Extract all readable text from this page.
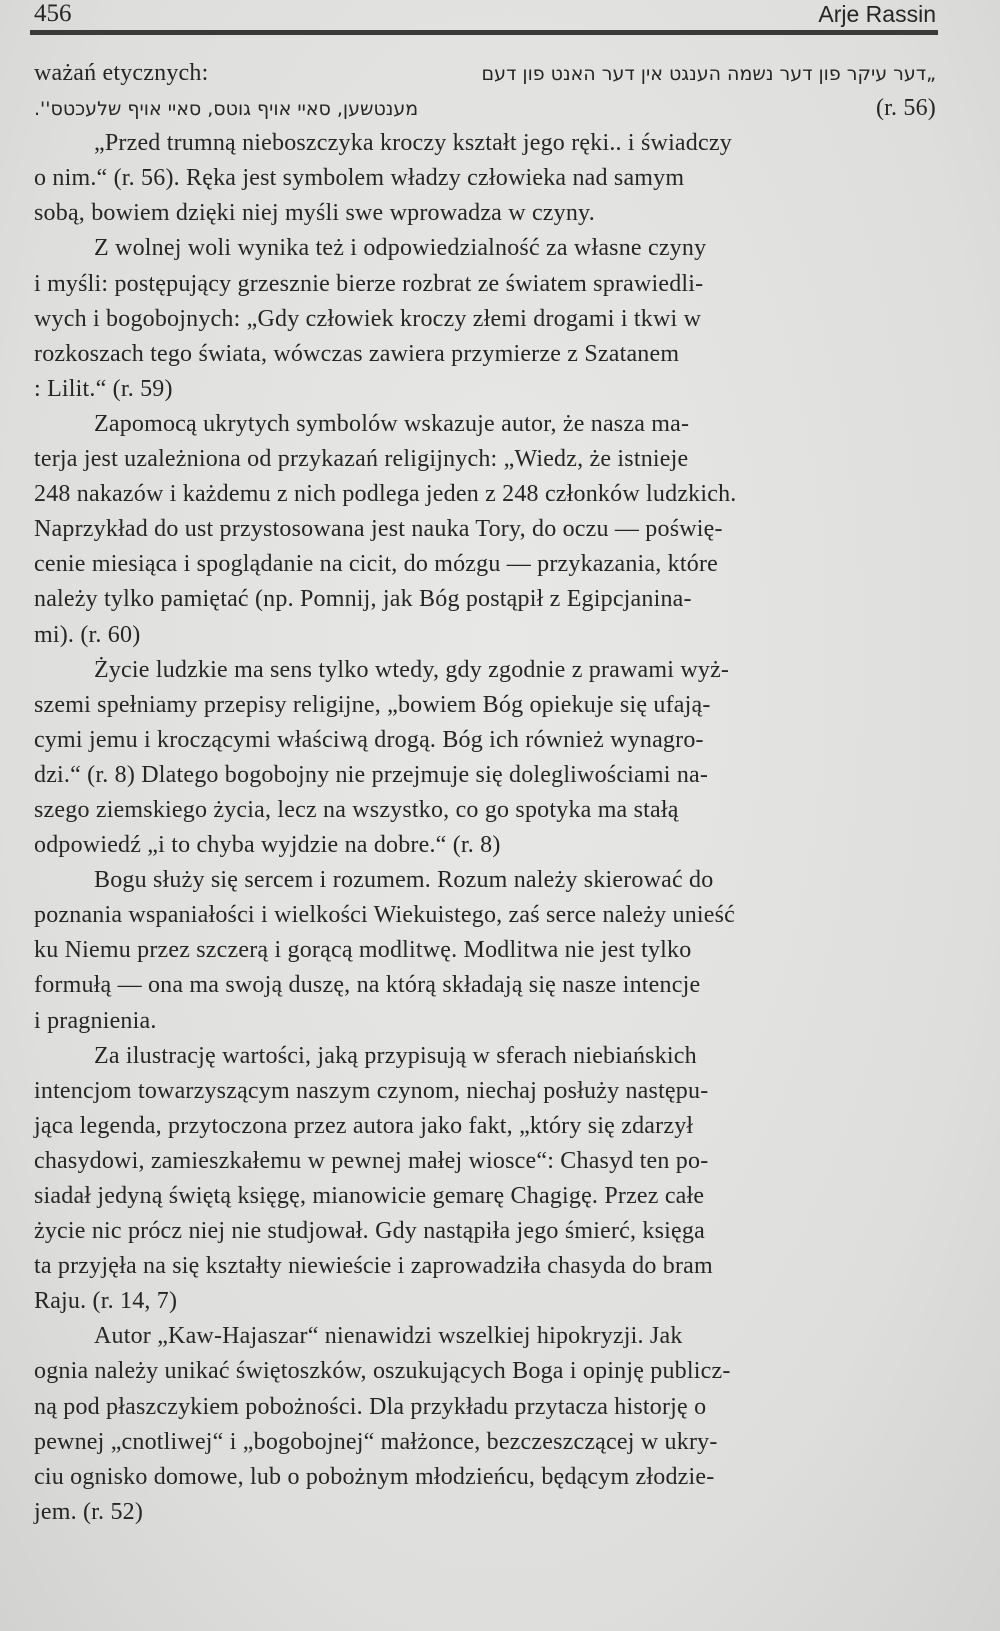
456	Arje Rassin
ważań etycznych:	„דער עיקר פון דער נשמה הענגט אין דער האנט פון דעם
מענטשען, סאיי אויף גוטס, סאיי אויף שלעכטס''.	(r. 56)
„Przed trumną nieboszczyka kroczy kształt jego ręki.. i świadczy
o nim.“ (r. 56). Ręka jest symbolem władzy człowieka nad samym
sobą, bowiem dzięki niej myśli swe wprowadza w czyny.
Z wolnej woli wynika też i odpowiedzialność za własne czyny
i myśli: postępujący grzesznie bierze rozbrat ze światem sprawiedli-
wych i bogobojnych: „Gdy człowiek kroczy złemi drogami i tkwi w
rozkoszach tego świata, wówczas zawiera przymierze z Szatanem
: Lilit.“ (r. 59)
Zapomocą ukrytych symbolów wskazuje autor, że nasza ma-
terja jest uzależniona od przykazań religijnych: „Wiedz, że istnieje
248 nakazów i każdemu z nich podlega jeden z 248 członków ludzkich.
Naprzykład do ust przystosowana jest nauka Tory, do oczu — poświę-
cenie miesiąca i spoglądanie na cicit, do mózgu — przykazania, które
należy tylko pamiętać (np. Pomnij, jak Bóg postąpił z Egipcjanina-
mi). (r. 60)
Życie ludzkie ma sens tylko wtedy, gdy zgodnie z prawami wyż-
szemi spełniamy przepisy religijne, „bowiem Bóg opiekuje się ufają-
cymi jemu i kroczącymi właściwą drogą. Bóg ich również wynagro-
dzi.“ (r. 8) Dlatego bogobojny nie przejmuje się dolegliwościami na-
szego ziemskiego życia, lecz na wszystko, co go spotyka ma stałą
odpowiedź „i to chyba wyjdzie na dobre.“ (r. 8)
Bogu służy się sercem i rozumem. Rozum należy skierować do
poznania wspaniałości i wielkości Wiekuistego, zaś serce należy unieść
ku Niemu przez szczerą i gorącą modlitwę. Modlitwa nie jest tylko
formułą — ona ma swoją duszę, na którą składają się nasze intencje
i pragnienia.
Za ilustrację wartości, jaką przypisują w sferach niebiańskich
intencjom towarzyszącym naszym czynom, niechaj posłuży następu-
jąca legenda, przytoczona przez autora jako fakt, „który się zdarzył
chasydowi, zamieszkałemu w pewnej małej wiosce“: Chasyd ten po-
siadał jedyną świętą księgę, mianowicie gemarę Chagigę. Przez całe
życie nic prócz niej nie studjował. Gdy nastąpiła jego śmierć, księga
ta przyjęła na się kształty niewieście i zaprowadziła chasyda do bram
Raju. (r. 14, 7)
Autor „Kaw-Hajaszar“ nienawidzi wszelkiej hipokryzji. Jak
ognia należy unikać świętoszków, oszukujących Boga i opinję publicz-
ną pod płaszczykiem pobożności. Dla przykładu przytacza historję o
pewnej „cnotliwej“ i „bogobojnej“ małżonce, bezczeszczącej w ukry-
ciu ognisko domowe, lub o pobożnym młodzieńcu, będącym złodzie-
jem. (r. 52)
